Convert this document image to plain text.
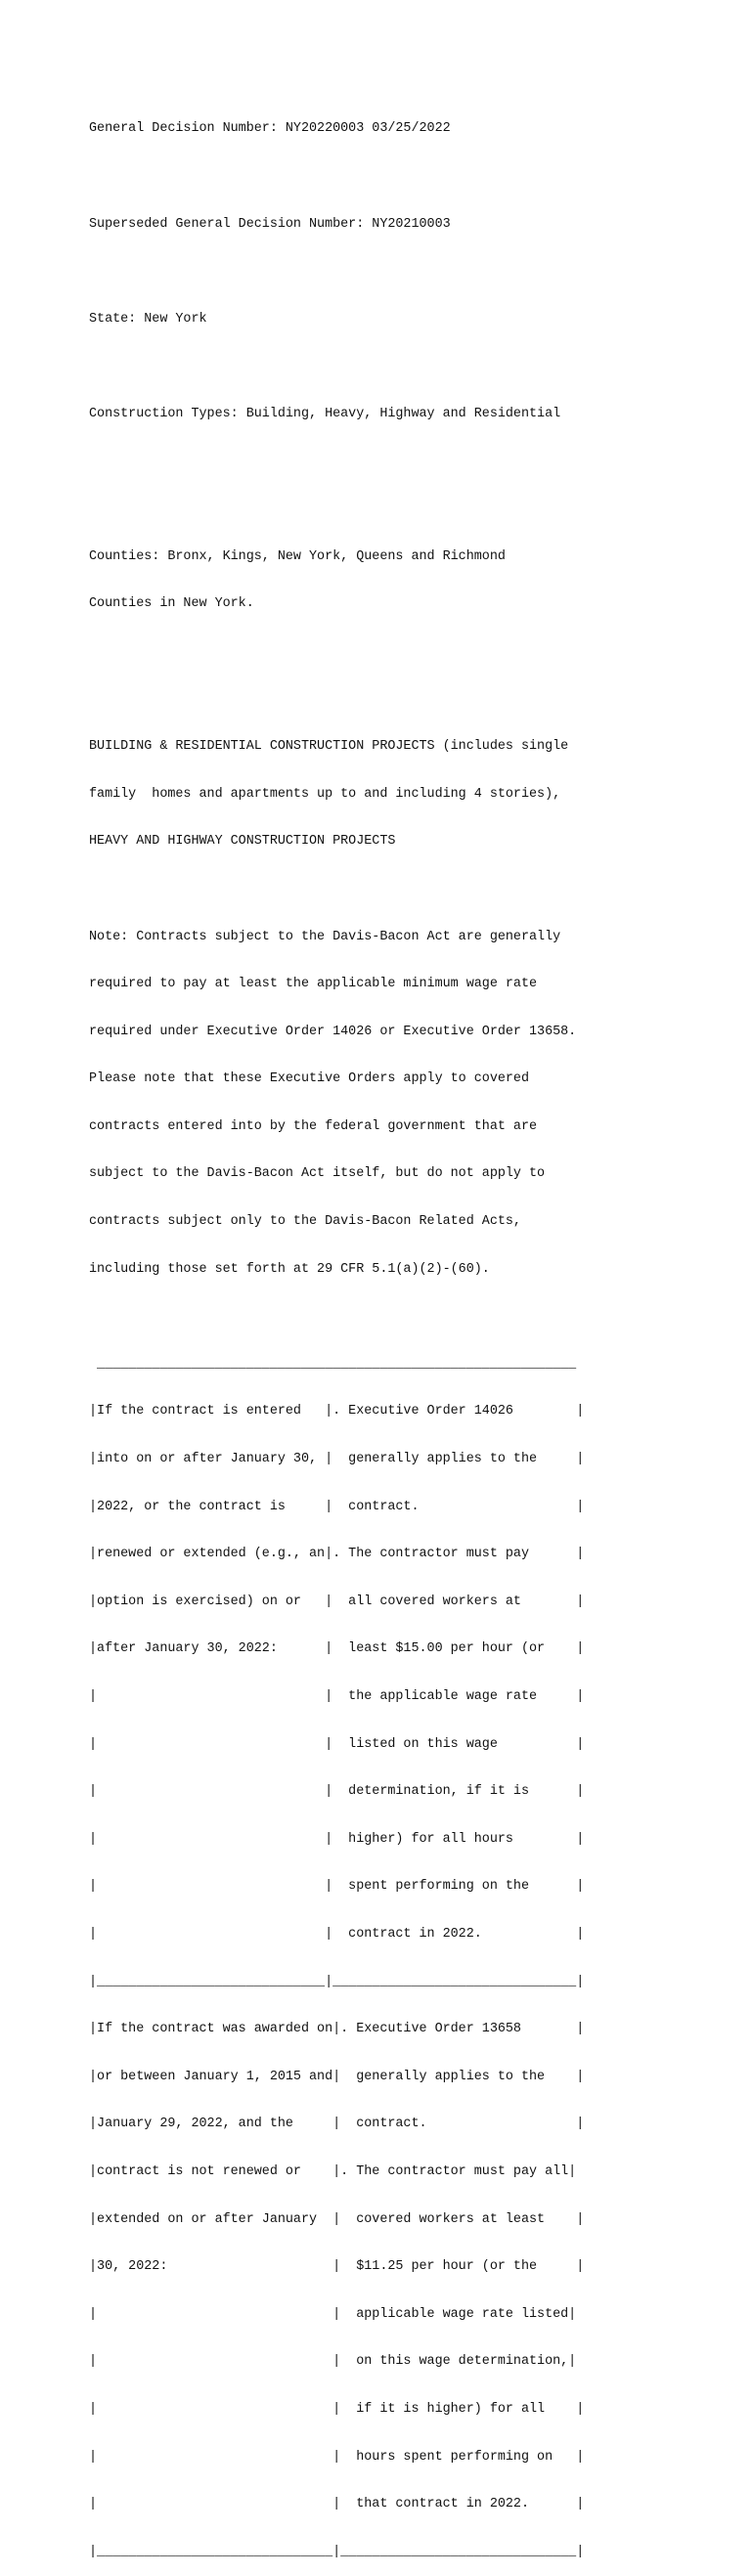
General Decision Number: NY20220003 03/25/2022

Superseded General Decision Number: NY20210003

State: New York

Construction Types: Building, Heavy, Highway and Residential

Counties: Bronx, Kings, New York, Queens and Richmond

Counties in New York.

BUILDING & RESIDENTIAL CONSTRUCTION PROJECTS (includes single

family  homes and apartments up to and including 4 stories),

HEAVY AND HIGHWAY CONSTRUCTION PROJECTS

Note: Contracts subject to the Davis-Bacon Act are generally

required to pay at least the applicable minimum wage rate

required under Executive Order 14026 or Executive Order 13658.

Please note that these Executive Orders apply to covered

contracts entered into by the federal government that are

subject to the Davis-Bacon Act itself, but do not apply to

contracts subject only to the Davis-Bacon Related Acts,

including those set forth at 29 CFR 5.1(a)(2)-(60).

_____________________________________________________________

|If the contract is entered   |. Executive Order 14026        |

|into on or after January 30, |  generally applies to the     |

|2022, or the contract is     |  contract.                    |

|renewed or extended (e.g., an|. The contractor must pay      |

|option is exercised) on or   |  all covered workers at       |

|after January 30, 2022:      |  least $15.00 per hour (or    |

|                             |  the applicable wage rate     |

|                             |  listed on this wage          |

|                             |  determination, if it is      |

|                             |  higher) for all hours        |

|                             |  spent performing on the      |

|                             |  contract in 2022.            |

|_____________________________|_______________________________|

|If the contract was awarded on|. Executive Order 13658       |

|or between January 1, 2015 and|  generally applies to the    |

|January 29, 2022, and the     |  contract.                   |

|contract is not renewed or    |. The contractor must pay all|

|extended on or after January  |  covered workers at least    |

|30, 2022:                     |  $11.25 per hour (or the     |

|                              |  applicable wage rate listed|

|                              |  on this wage determination,|

|                              |  if it is higher) for all    |

|                              |  hours spent performing on   |

|                              |  that contract in 2022.      |

|______________________________|______________________________|
